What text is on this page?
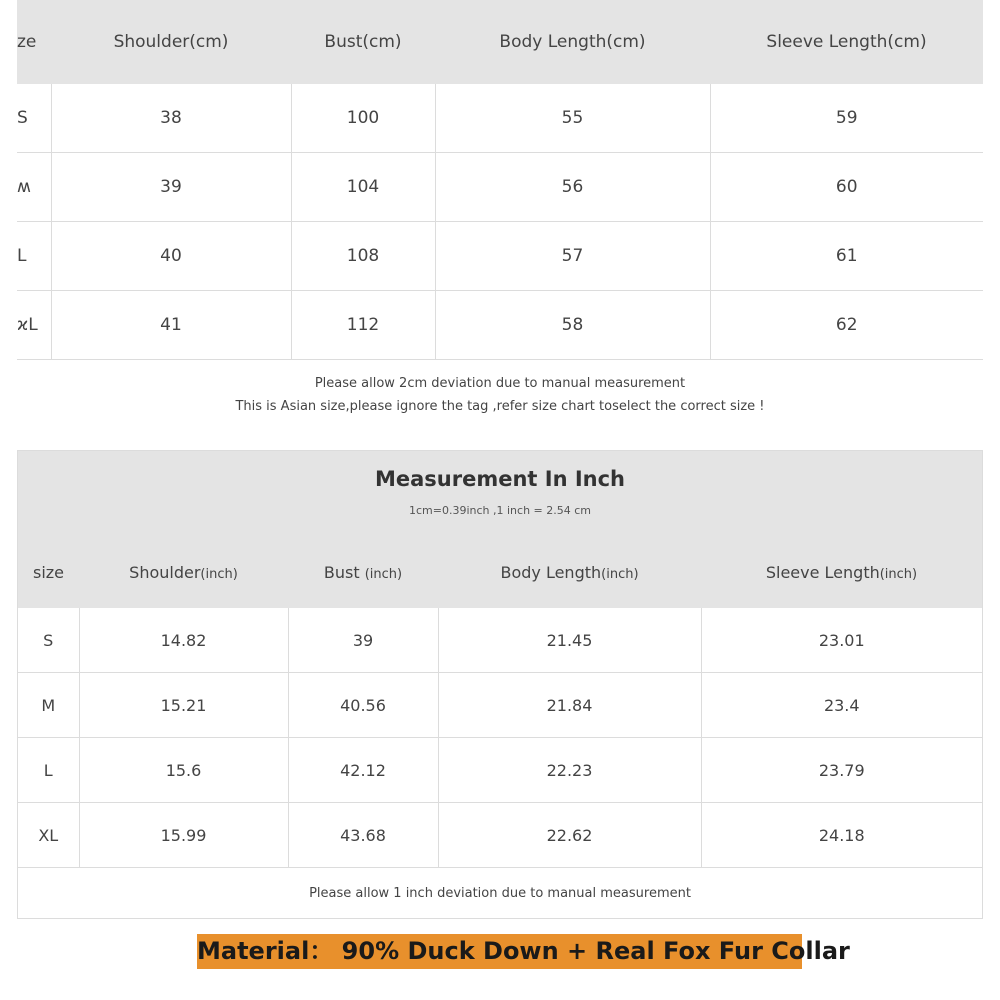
ze	Shoulder(cm)	Bust(cm)	Body Length(cm)	Sleeve Length(cm)
S	38	100	55	59
ʍ	39	104	56	60
L	40	108	57	61
ϰL	41	112	58	62
Please allow 2cm deviation due to manual measurement
This is Asian size,please ignore the tag ,refer size chart toselect the correct size !
Measurement In Inch
1cm=0.39inch ,1 inch = 2.54 cm
size	Shoulder(inch)	Bust (inch)	Body Length(inch)	Sleeve Length(inch)
S	14.82	39	21.45	23.01
M	15.21	40.56	21.84	23.4
L	15.6	42.12	22.23	23.79
XL	15.99	43.68	22.62	24.18
Please allow 1 inch deviation due to manual measurement				
Material： 90% Duck Down + Real Fox Fur Collar
